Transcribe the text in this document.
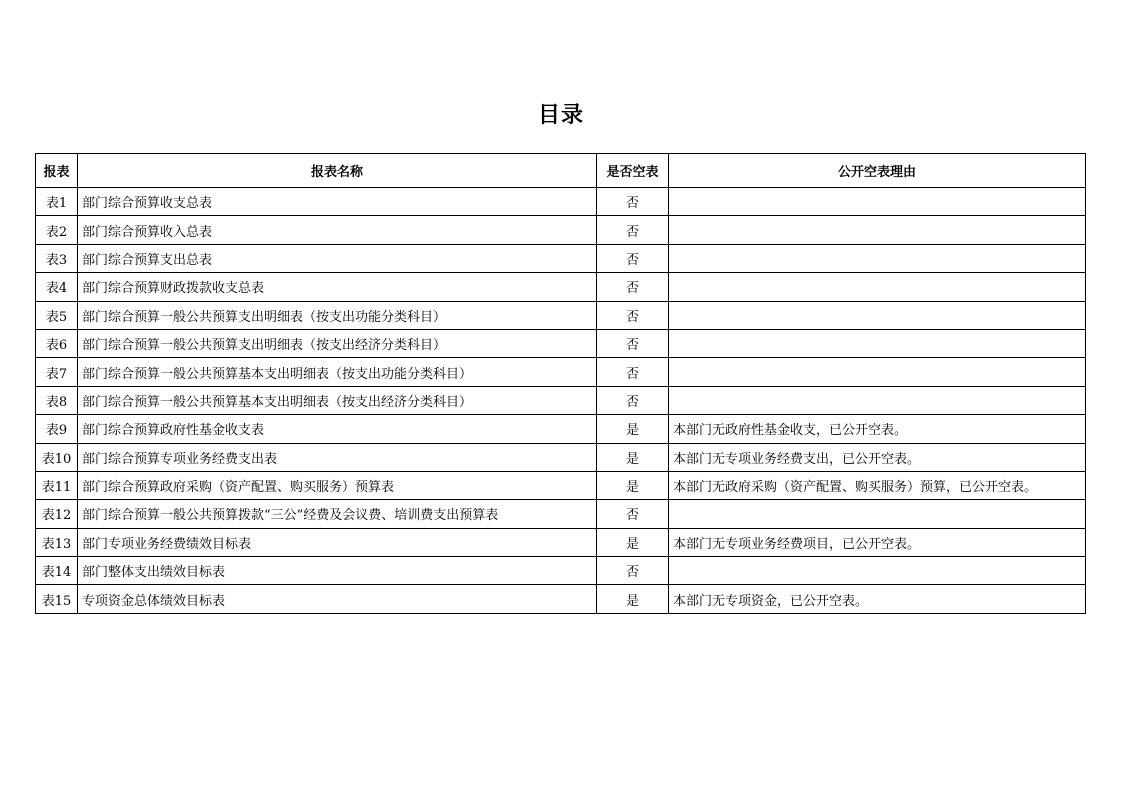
目录
报表	报表名称	是否空表	公开空表理由
表1	部门综合预算收支总表	否	
表2	部门综合预算收入总表	否	
表3	部门综合预算支出总表	否	
表4	部门综合预算财政拨款收支总表	否	
表5	部门综合预算一般公共预算支出明细表（按支出功能分类科目）	否	
表6	部门综合预算一般公共预算支出明细表（按支出经济分类科目）	否	
表7	部门综合预算一般公共预算基本支出明细表（按支出功能分类科目）	否	
表8	部门综合预算一般公共预算基本支出明细表（按支出经济分类科目）	否	
表9	部门综合预算政府性基金收支表	是	本部门无政府性基金收支，已公开空表。
表10	部门综合预算专项业务经费支出表	是	本部门无专项业务经费支出，已公开空表。
表11	部门综合预算政府采购（资产配置、购买服务）预算表	是	本部门无政府采购（资产配置、购买服务）预算，已公开空表。
表12	部门综合预算一般公共预算拨款“三公”经费及会议费、培训费支出预算表	否	
表13	部门专项业务经费绩效目标表	是	本部门无专项业务经费项目，已公开空表。
表14	部门整体支出绩效目标表	否	
表15	专项资金总体绩效目标表	是	本部门无专项资金，已公开空表。
